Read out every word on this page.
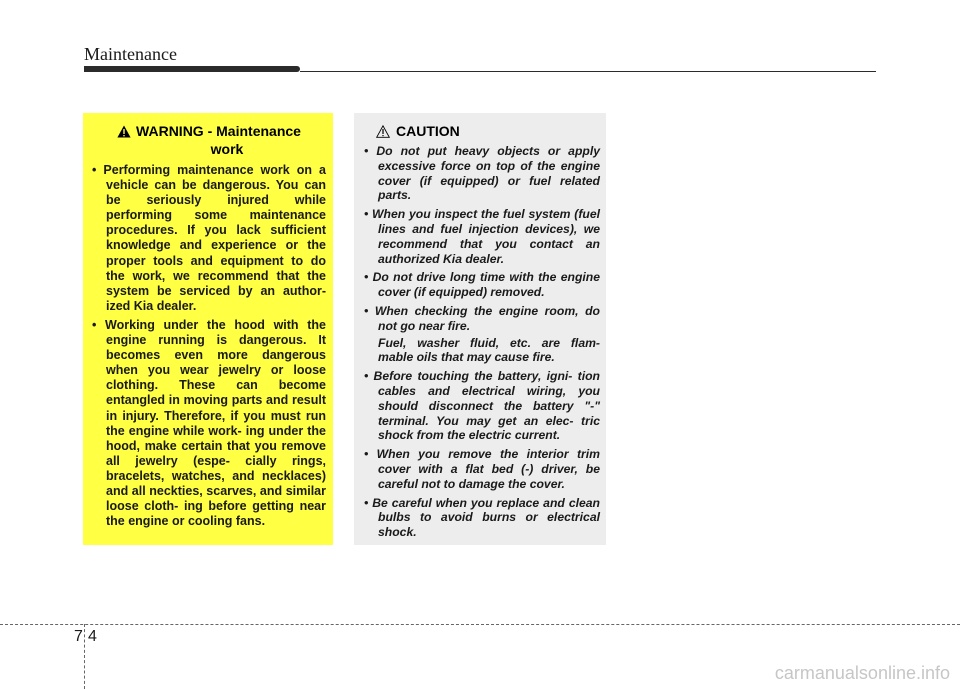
Maintenance
WARNING - Maintenance
work
• Performing maintenance work on a vehicle can be dangerous. You can be seriously injured while performing some maintenance procedures. If you lack sufficient knowledge and experience or the proper tools and equipment to do the work, we recommend that the system be serviced by an author- ized Kia dealer.
• Working under the hood with the engine running is dangerous. It becomes even more dangerous when you wear jewelry or loose clothing. These can become entangled in moving parts and result in injury. Therefore, if you must run the engine while work- ing under the hood, make certain that you remove all jewelry (espe- cially rings, bracelets, watches, and necklaces) and all neckties, scarves, and similar loose cloth- ing before getting near the engine or cooling fans.
CAUTION
• Do not put heavy objects or apply excessive force on top of the engine cover (if equipped) or fuel related parts.
• When you inspect the fuel system (fuel lines and fuel injection devices), we recommend that you contact an authorized Kia dealer.
• Do not drive long time with the engine cover (if equipped) removed.
• When checking the engine room, do not go near fire.
Fuel, washer fluid, etc. are flam- mable oils that may cause fire.
• Before touching the battery, igni- tion cables and electrical wiring, you should disconnect the battery "-" terminal. You may get an elec- tric shock from the electric current.
• When you remove the interior trim cover with a flat bed (-) driver, be careful not to damage the cover.
• Be careful when you replace and clean bulbs to avoid burns or electrical shock.
7 4
carmanualsonline.info
